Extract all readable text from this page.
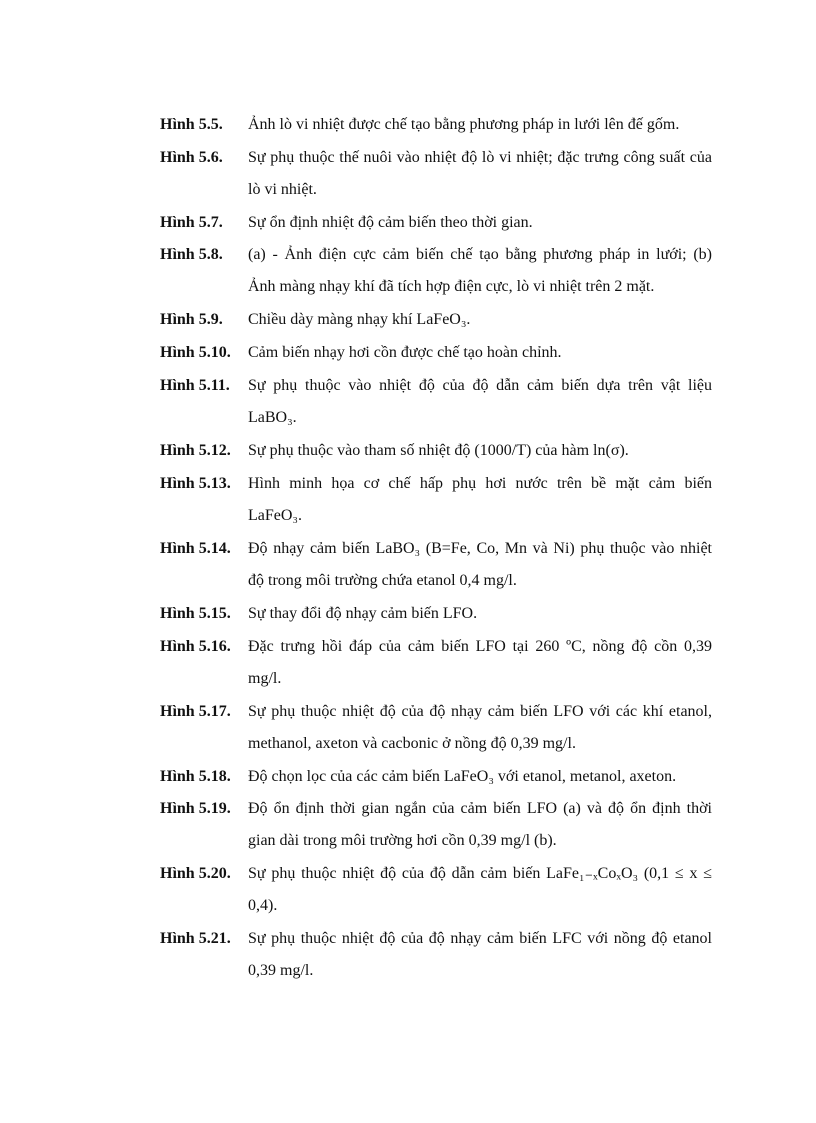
Hình 5.5. Ảnh lò vi nhiệt được chế tạo bằng phương pháp in lưới lên đế gốm.
Hình 5.6. Sự phụ thuộc thế nuôi vào nhiệt độ lò vi nhiệt; đặc trưng công suất của
lò vi nhiệt.
Hình 5.7. Sự ổn định nhiệt độ cảm biến theo thời gian.
Hình 5.8. (a) - Ảnh điện cực cảm biến chế tạo bằng phương pháp in lưới; (b)
Ảnh màng nhạy khí đã tích hợp điện cực, lò vi nhiệt trên 2 mặt.
Hình 5.9. Chiều dày màng nhạy khí LaFeO₃.
Hình 5.10. Cảm biến nhạy hơi cồn được chế tạo hoàn chỉnh.
Hình 5.11. Sự phụ thuộc vào nhiệt độ của độ dẫn cảm biến dựa trên vật liệu
LaBO₃.
Hình 5.12. Sự phụ thuộc vào tham số nhiệt độ (1000/T) của hàm ln(σ).
Hình 5.13. Hình minh họa cơ chế hấp phụ hơi nước trên bề mặt cảm biến
LaFeO₃.
Hình 5.14. Độ nhạy cảm biến LaBO₃ (B=Fe, Co, Mn và Ni) phụ thuộc vào nhiệt
độ trong môi trường chứa etanol 0,4 mg/l.
Hình 5.15. Sự thay đổi độ nhạy cảm biến LFO.
Hình 5.16. Đặc trưng hồi đáp của cảm biến LFO tại 260 ºC, nồng độ cồn 0,39
mg/l.
Hình 5.17. Sự phụ thuộc nhiệt độ của độ nhạy cảm biến LFO với các khí etanol,
methanol, axeton và cacbonic ở nồng độ 0,39 mg/l.
Hình 5.18. Độ chọn lọc của các cảm biến LaFeO₃ với etanol, metanol, axeton.
Hình 5.19. Độ ổn định thời gian ngắn của cảm biến LFO (a) và độ ổn định thời
gian dài trong môi trường hơi cồn 0,39 mg/l (b).
Hình 5.20. Sự phụ thuộc nhiệt độ của độ dẫn cảm biến LaFe₁₋ₓCoₓO₃ (0,1 ≤ x ≤
0,4).
Hình 5.21. Sự phụ thuộc nhiệt độ của độ nhạy cảm biến LFC với nồng độ etanol
0,39 mg/l.
